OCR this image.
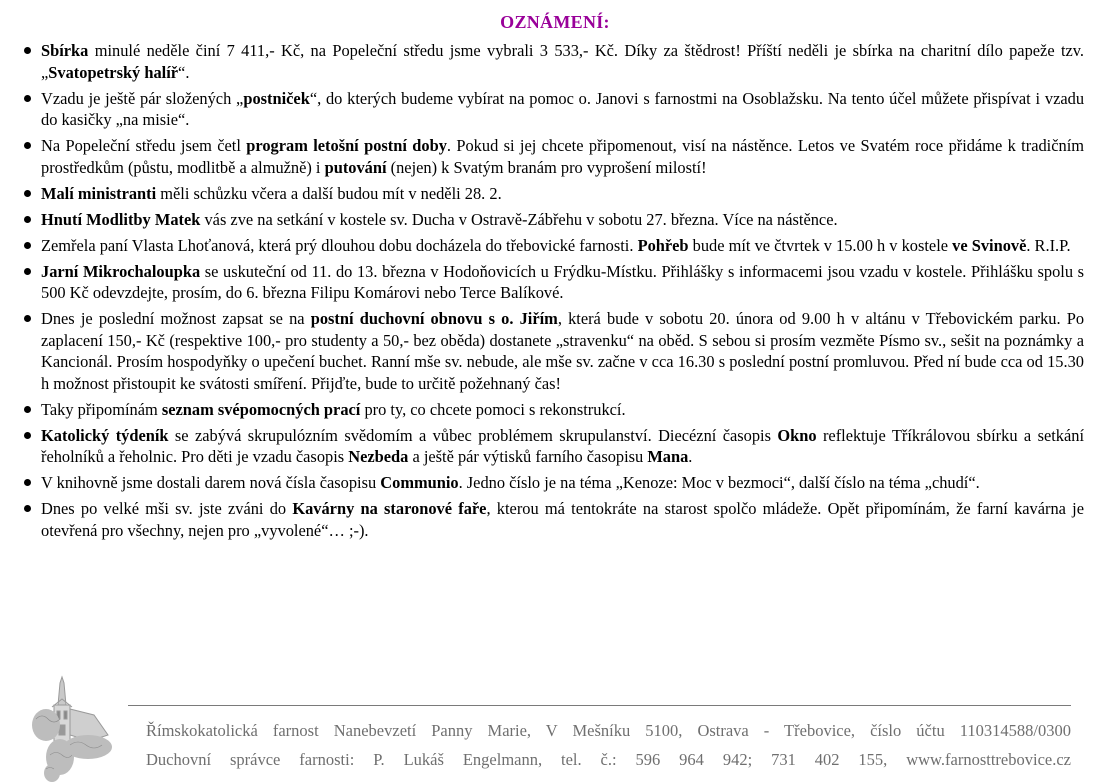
OZNÁMENÍ:
Sbírka minulé neděle činí 7 411,- Kč, na Popeleční středu jsme vybrali 3 533,- Kč. Díky za štědrost! Příští neděli je sbírka na charitní dílo papeže tzv. „Svatopetrský halíř“.
Vzadu je ještě pár složených „postniček“, do kterých budeme vybírat na pomoc o. Janovi s farnostmi na Osoblažsku. Na tento účel můžete přispívat i vzadu do kasičky „na misie“.
Na Popeleční středu jsem četl program letošní postní doby. Pokud si jej chcete připomenout, visí na nástěnce. Letos ve Svatém roce přidáme k tradičním prostředkům (půstu, modlitbě a almužně) i putování (nejen) k Svatým branám pro vyprošení milostí!
Malí ministranti měli schůzku včera a další budou mít v neděli 28. 2.
Hnutí Modlitby Matek vás zve na setkání v kostele sv. Ducha v Ostravě-Zábřehu v sobotu 27. března. Více na nástěnce.
Zemřela paní Vlasta Lhoťanová, která prý dlouhou dobu docházela do třebovické farnosti. Pohřeb bude mít ve čtvrtek v 15.00 h v kostele ve Svinově. R.I.P.
Jarní Mikrochaloupka se uskuteční od 11. do 13. března v Hodoňovicích u Frýdku-Místku. Přihlášky s informacemi jsou vzadu v kostele. Přihlášku spolu s 500 Kč odevzdejte, prosím, do 6. března Filipu Komárovi nebo Terce Balíkové.
Dnes je poslední možnost zapsat se na postní duchovní obnovu s o. Jiřím, která bude v sobotu 20. února od 9.00 h v altánu v Třebovickém parku. Po zaplacení 150,- Kč (respektive 100,- pro studenty a 50,- bez oběda) dostanete „stravenku“ na oběd. S sebou si prosím vezměte Písmo sv., sešit na poznámky a Kancionál. Prosím hospodyňky o upečení buchet. Ranní mše sv. nebude, ale mše sv. začne v cca 16.30 s poslední postní promluvou. Před ní bude cca od 15.30 h možnost přistoupit ke svátosti smíření. Přijďte, bude to určitě požehnaný čas!
Taky připomínám seznam svépomocných prací pro ty, co chcete pomoci s rekonstrukcí.
Katolický týdeník se zabývá skrupulózním svědomím a vůbec problémem skrupulanství. Diecézní časopis Okno reflektuje Tříkrálovou sbírku a setkání řeholníků a řeholnic. Pro děti je vzadu časopis Nezbeda a ještě pár výtisků farního časopisu Mana.
V knihovně jsme dostali darem nová čísla časopisu Communio. Jedno číslo je na téma „Kenoze: Moc v bezmoci“, další číslo na téma „chudí“.
Dnes po velké mši sv. jste zváni do Kavárny na staronové faře, kterou má tentokráte na starost spolčo mládeže. Opět připomínám, že farní kavárna je otevřená pro všechny, nejen pro „vyvolené“… ;-).
Římskokatolická farnost Nanebevzetí Panny Marie, V Mešníku 5100, Ostrava - Třebovice, číslo účtu 110314588/0300
Duchovní správce farnosti: P. Lukáš Engelmann, tel. č.: 596 964 942; 731 402 155, www.farnosttrebovice.cz
